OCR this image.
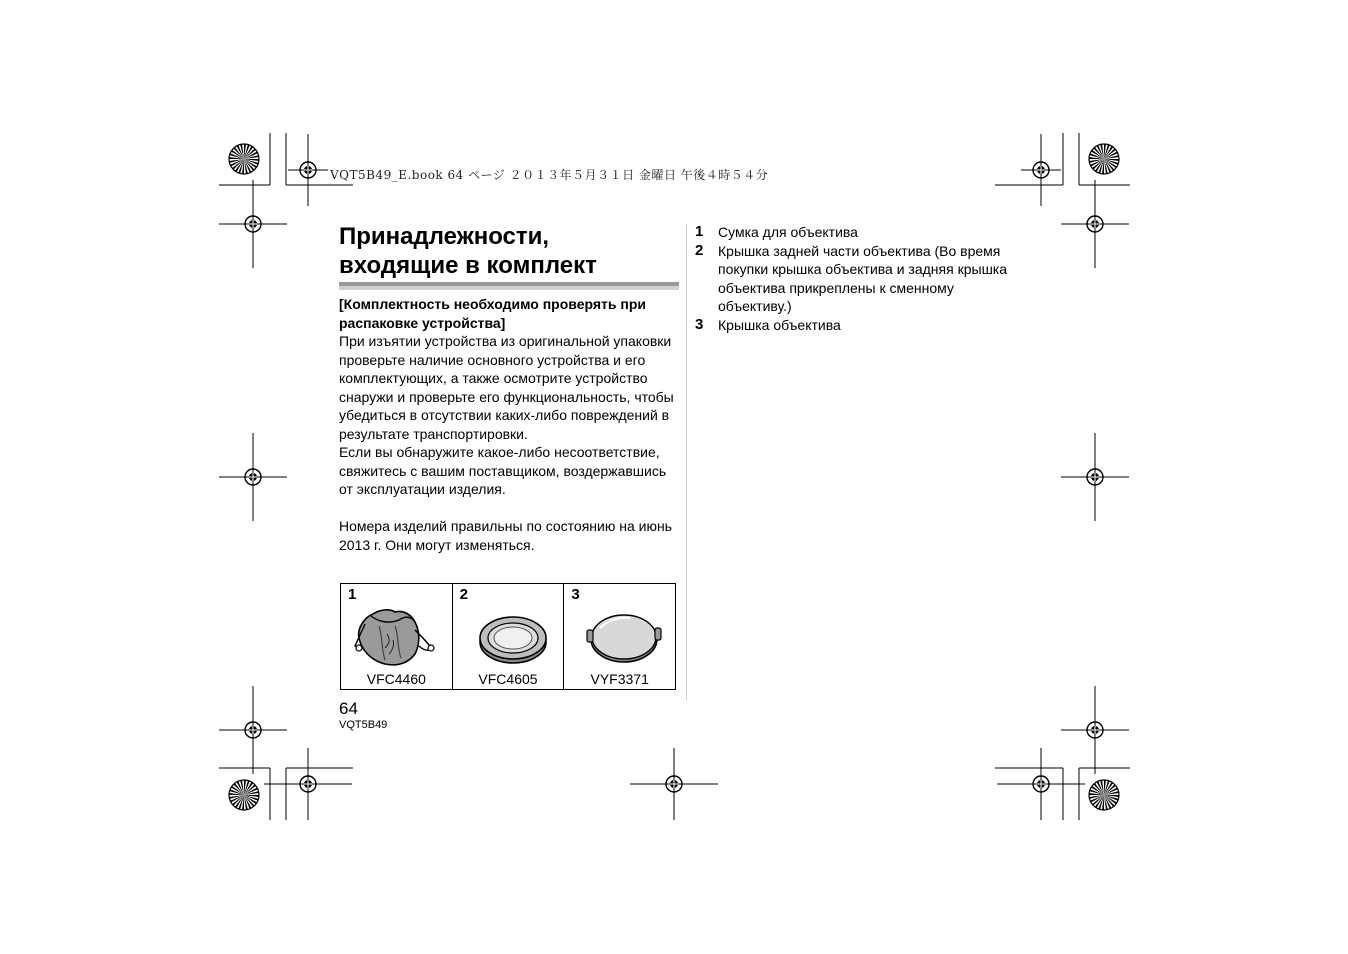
VQT5B49_E.book 64 ページ ２０１３年５月３１日 金曜日 午後４時５４分
Принадлежности,
входящие в комплект

[Комплектность необходимо проверять при распаковке устройства]

При изъятии устройства из оригинальной упаковки проверьте наличие основного устройства и его комплектующих, а также осмотрите устройство снаружи и проверьте его функциональность, чтобы убедиться в отсутствии каких-либо повреждений в результате транспортировки.

Если вы обнаружите какое-либо несоответствие, свяжитесь с вашим поставщиком, воздержавшись от эксплуатации изделия.

Номера изделий правильны по состоянию на июнь 2013 г. Они могут изменяться.

1
VFC4460
2
VFC4605
3
VYF3371
1	Сумка для объектива
2	Крышка задней части объектива (Во время покупки крышка объектива и задняя крышка объектива прикреплены к сменному объективу.)
3	Крышка объектива
64
VQT5B49
